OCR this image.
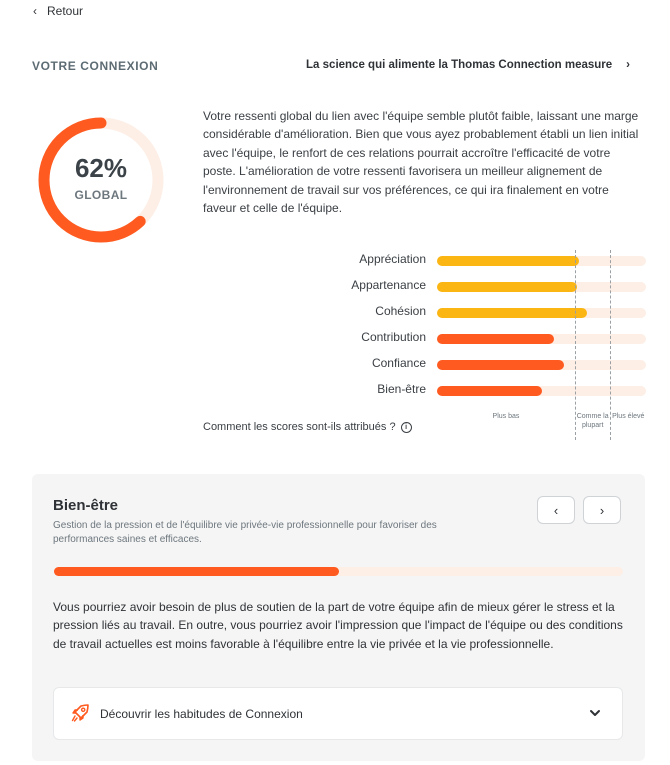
‹ Retour
VOTRE CONNEXION	La science qui alimente la Thomas Connection measure ›
62%
GLOBAL
Votre ressenti global du lien avec l'équipe semble plutôt faible, laissant une marge considérable d'amélioration. Bien que vous ayez probablement établi un lien initial avec l'équipe, le renfort de ces relations pourrait accroître l'efficacité de votre poste. L'amélioration de votre ressenti favorisera un meilleur alignement de l'environnement de travail sur vos préférences, ce qui ira finalement en votre faveur et celle de l'équipe.
Appréciation
Appartenance
Cohésion
Contribution
Confiance
Bien-être
Plus bas	Comme la plupart
Plus élevé
Comment les scores sont-ils attribués ?	i
Bien-être
Gestion de la pression et de l'équilibre vie privée-vie professionnelle pour favoriser des performances saines et efficaces.
‹	›
Vous pourriez avoir besoin de plus de soutien de la part de votre équipe afin de mieux gérer le stress et la pression liés au travail. En outre, vous pourriez avoir l'impression que l'impact de l'équipe ou des conditions de travail actuelles est moins favorable à l'équilibre entre la vie privée et la vie professionnelle.
Découvrir les habitudes de Connexion
